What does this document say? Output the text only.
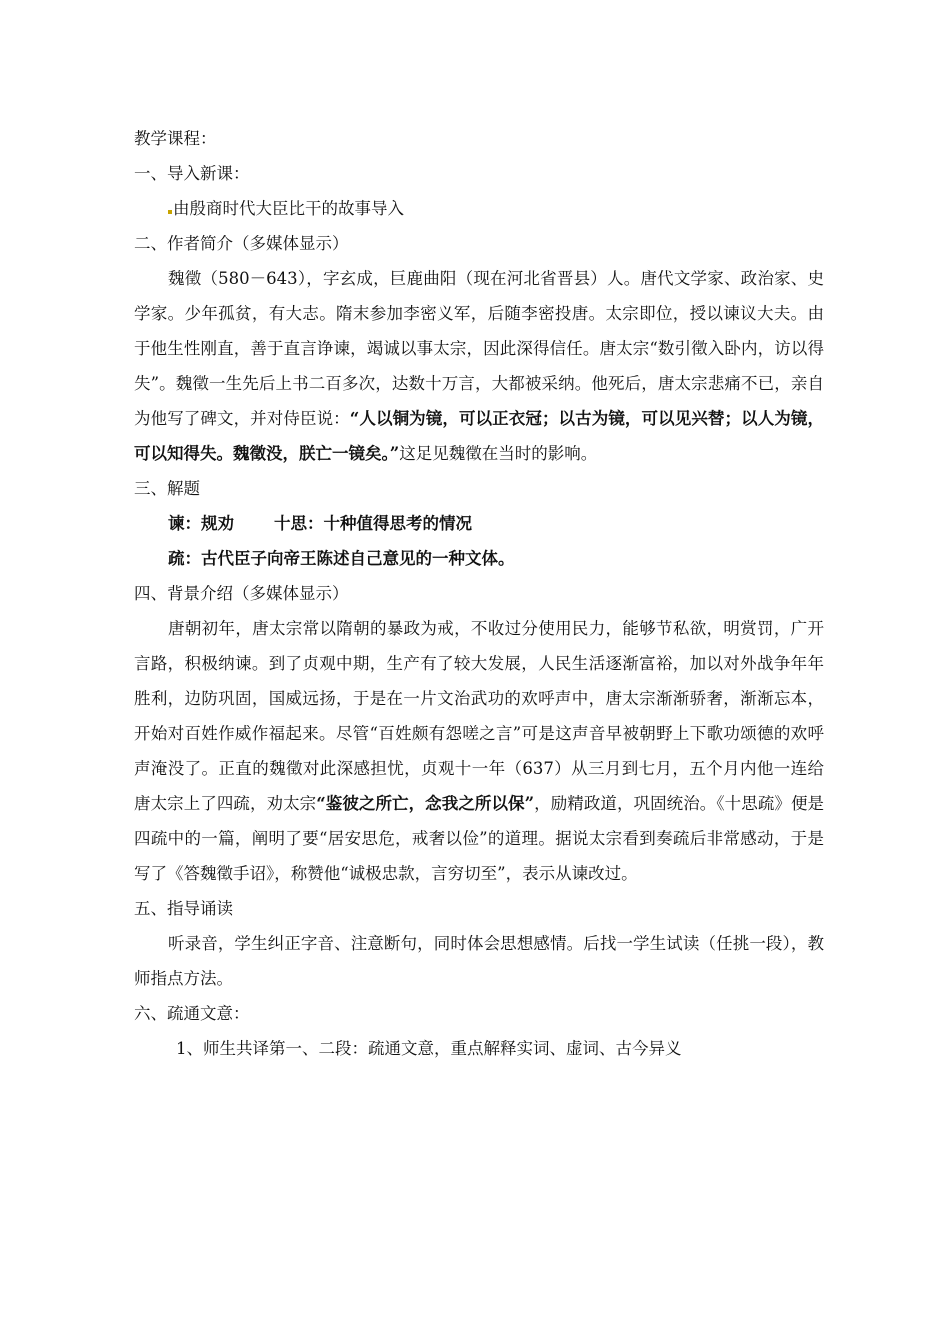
教学课程：
一、导入新课：
由殷商时代大臣比干的故事导入
二、作者简介（多媒体显示）
魏徵（580－643），字玄成，巨鹿曲阳（现在河北省晋县）人。唐代文学家、政治家、史学家。少年孤贫，有大志。隋末参加李密义军，后随李密投唐。太宗即位，授以谏议大夫。由于他生性刚直，善于直言诤谏，竭诚以事太宗，因此深得信任。唐太宗“数引徵入卧内，访以得失”。魏徵一生先后上书二百多次，达数十万言，大都被采纳。他死后，唐太宗悲痛不已，亲自为他写了碑文，并对侍臣说：“人以铜为镜，可以正衣冠；以古为镜，可以见兴替；以人为镜，可以知得失。魏徵没，朕亡一镜矣。”这足见魏徵在当时的影响。
三、解题
谏：规劝 十思：十种值得思考的情况
疏：古代臣子向帝王陈述自己意见的一种文体。
四、背景介绍（多媒体显示）
唐朝初年，唐太宗常以隋朝的暴政为戒，不收过分使用民力，能够节私欲，明赏罚，广开言路，积极纳谏。到了贞观中期，生产有了较大发展，人民生活逐渐富裕，加以对外战争年年胜利，边防巩固，国威远扬，于是在一片文治武功的欢呼声中，唐太宗渐渐骄奢，渐渐忘本，开始对百姓作威作福起来。尽管“百姓颇有怨嗟之言”可是这声音早被朝野上下歌功颂德的欢呼声淹没了。正直的魏徵对此深感担忧，贞观十一年（637）从三月到七月，五个月内他一连给唐太宗上了四疏，劝太宗“鉴彼之所亡，念我之所以保”，励精政道，巩固统治。《十思疏》便是四疏中的一篇，阐明了要“居安思危，戒奢以俭”的道理。据说太宗看到奏疏后非常感动，于是写了《答魏徵手诏》，称赞他“诚极忠款，言穷切至”，表示从谏改过。
五、指导诵读
听录音，学生纠正字音、注意断句，同时体会思想感情。后找一学生试读（任挑一段），教师指点方法。
六、疏通文意：
1、师生共译第一、二段：疏通文意，重点解释实词、虚词、古今异义
